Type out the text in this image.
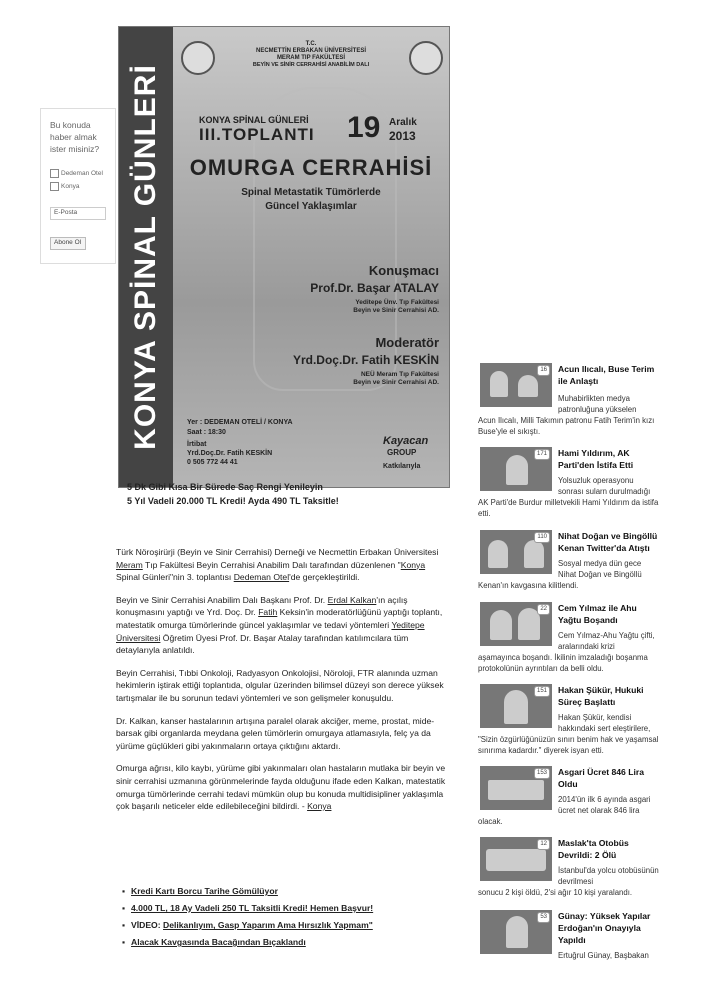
KONYA SPİNAL GÜNLERİ
T.C.
NECMETTİN ERBAKAN ÜNİVERSİTESİ
MERAM TIP FAKÜLTESİ
BEYİN VE SİNİR CERRAHİSİ ANABİLİM DALI
KONYA SPİNAL GÜNLERİ
III.TOPLANTI 19 Aralık
2013
OMURGA CERRAHİSİ
Spinal Metastatik Tümörlerde
Güncel Yaklaşımlar
Konuşmacı
Prof.Dr. Başar ATALAY
Yeditepe Ünv. Tıp Fakültesi
Beyin ve Sinir Cerrahisi AD.
Moderatör
Yrd.Doç.Dr. Fatih KESKİN
NEÜ Meram Tıp Fakültesi
Beyin ve Sinir Cerrahisi AD.
Yer : DEDEMAN OTELİ / KONYA
Saat : 18:30
İrtibat
Yrd.Doç.Dr. Fatih KESKİN
0 505 772 44 41
Kayacan
GROUP
Katkılarıyla
Bu konuda haber almak ister misiniz?
Dedeman Otel
Konya
E-Posta
Abone Ol
5 Dk Gibi Kısa Bir Sürede Saç Rengi Yenileyin
5 Yıl Vadeli 20.000 TL Kredi! Ayda 490 TL Taksitle!

Türk Nöroşirürji (Beyin ve Sinir Cerrahisi) Derneği ve Necmettin Erbakan Üniversitesi Meram Tıp Fakültesi Beyin Cerrahisi Anabilim Dalı tarafından düzenlenen "Konya Spinal Günleri"nin 3. toplantısı Dedeman Otel'de gerçekleştirildi.

Beyin ve Sinir Cerrahisi Anabilim Dalı Başkanı Prof. Dr. Erdal Kalkan'ın açılış konuşmasını yaptığı ve Yrd. Doç. Dr. Fatih Keksin'in moderatörlüğünü yaptığı toplantı, matestatik omurga tümörlerinde güncel yaklaşımlar ve tedavi yöntemleri Yeditepe Üniversitesi Öğretim Üyesi Prof. Dr. Başar Atalay tarafından katılımcılara tüm detaylarıyla anlatıldı.

Beyin Cerrahisi, Tıbbi Onkoloji, Radyasyon Onkolojisi, Nöroloji, FTR alanında uzman hekimlerin iştirak ettiği toplantıda, olgular üzerinden bilimsel düzeyi son derece yüksek tartışmalar ile bu sorunun tedavi yöntemleri ve son gelişmeler konuşuldu.

Dr. Kalkan, kanser hastalarının artışına paralel olarak akciğer, meme, prostat, mide-barsak gibi organlarda meydana gelen tümörlerin omurgaya atlamasıyla, felç ya da yürüme güçlükleri gibi yakınmaların ortaya çıktığını aktardı.

Omurga ağrısı, kilo kaybı, yürüme gibi yakınmaları olan hastaların mutlaka bir beyin ve sinir cerrahisi uzmanına görünmelerinde fayda olduğunu ifade eden Kalkan, matestatik omurga tümörlerinde cerrahi tedavi mümkün olup bu konuda multidisipliner yaklaşımla çok başarılı neticeler elde edilebileceğini bildirdi. - Konya

▪ Kredi Kartı Borcu Tarihe Gömülüyor
▪ 4.000 TL, 18 Ay Vadeli 250 TL Taksitli Kredi! Hemen Başvur!
▪ VİDEO: Delikanlıyım, Gasp Yaparım Ama Hırsızlık Yapmam"
▪ Alacak Kavgasında Bacağından Bıçaklandı
16	Acun Ilıcalı, Buse Terim ile Anlaştı
Muhabirlikten medya patronluğuna yükselen
Acun Ilıcalı, Milli Takımın patronu Fatih Terim'in kızı Buse'yle el sıkıştı.
171	Hami Yıldırım, AK Parti'den İstifa Etti
Yolsuzluk operasyonu sonrası sularn durulmadığı
AK Parti'de Burdur milletvekili Hami Yıldırım da istifa etti.
110	Nihat Doğan ve Bingöllü Kenan Twitter'da Atıştı
Sosyal medya dün gece Nihat Doğan ve Bingöllü
Kenan'ın kavgasına kilitlendi.
22	Cem Yılmaz ile Ahu Yağtu Boşandı
Cem Yılmaz-Ahu Yağtu çifti, aralarındaki krizi
aşamayınca boşandı. İkilinin imzaladığı boşanma protokolünün ayrıntıları da belli oldu.
151	Hakan Şükür, Hukuki Süreç Başlattı
Hakan Şükür, kendisi hakkındaki sert eleştirilere,
"Sizin özgürlüğünüzün sınırı benim hak ve yaşamsal sınırıma kadardır." diyerek isyan etti.
153	Asgari Ücret 846 Lira Oldu
2014'ün ilk 6 ayında asgari ücret net olarak 846 lira
olacak.
12	Maslak'ta Otobüs Devrildi: 2 Ölü
İstanbul'da yolcu otobüsünün devrilmesi
sonucu 2 kişi öldü, 2'si ağır 10 kişi yaralandı.
53	Günay: Yüksek Yapılar Erdoğan'ın Onayıyla Yapıldı
Ertuğrul Günay, Başbakan
